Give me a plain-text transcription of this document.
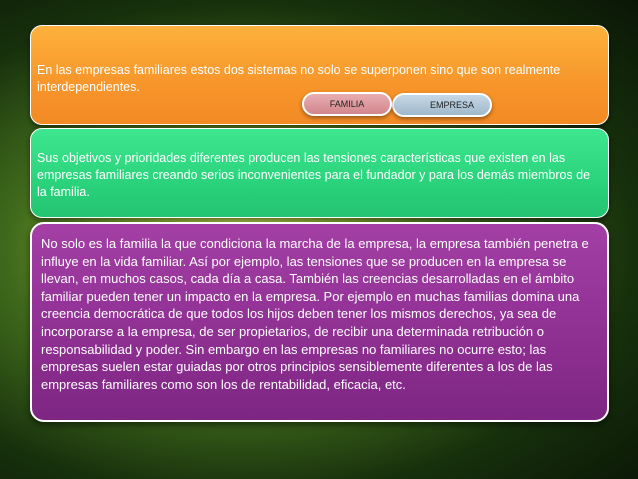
En las empresas familiares estos dos sistemas no solo se superponen sino que son realmente interdependientes.
EMPRESA
FAMILIA
Sus objetivos y prioridades diferentes producen las tensiones características que existen en las empresas familiares creando serios inconvenientes para el fundador y para los demás miembros de la familia.
No solo es la familia la que condiciona la marcha de la empresa, la empresa también penetra e influye en la vida familiar. Así por ejemplo, las tensiones que se producen en la empresa se llevan, en muchos casos, cada día a casa. También las creencias desarrolladas en el ámbito familiar pueden tener un impacto en la empresa. Por ejemplo en muchas familias domina una creencia democrática de que todos los hijos deben tener los mismos derechos, ya sea de incorporarse a la empresa, de ser propietarios, de recibir una determinada retribución o responsabilidad y poder. Sin embargo en las empresas no familiares no ocurre esto; las empresas suelen estar guiadas por otros principios sensiblemente diferentes a los de las empresas familiares como son los de rentabilidad, eficacia, etc.
